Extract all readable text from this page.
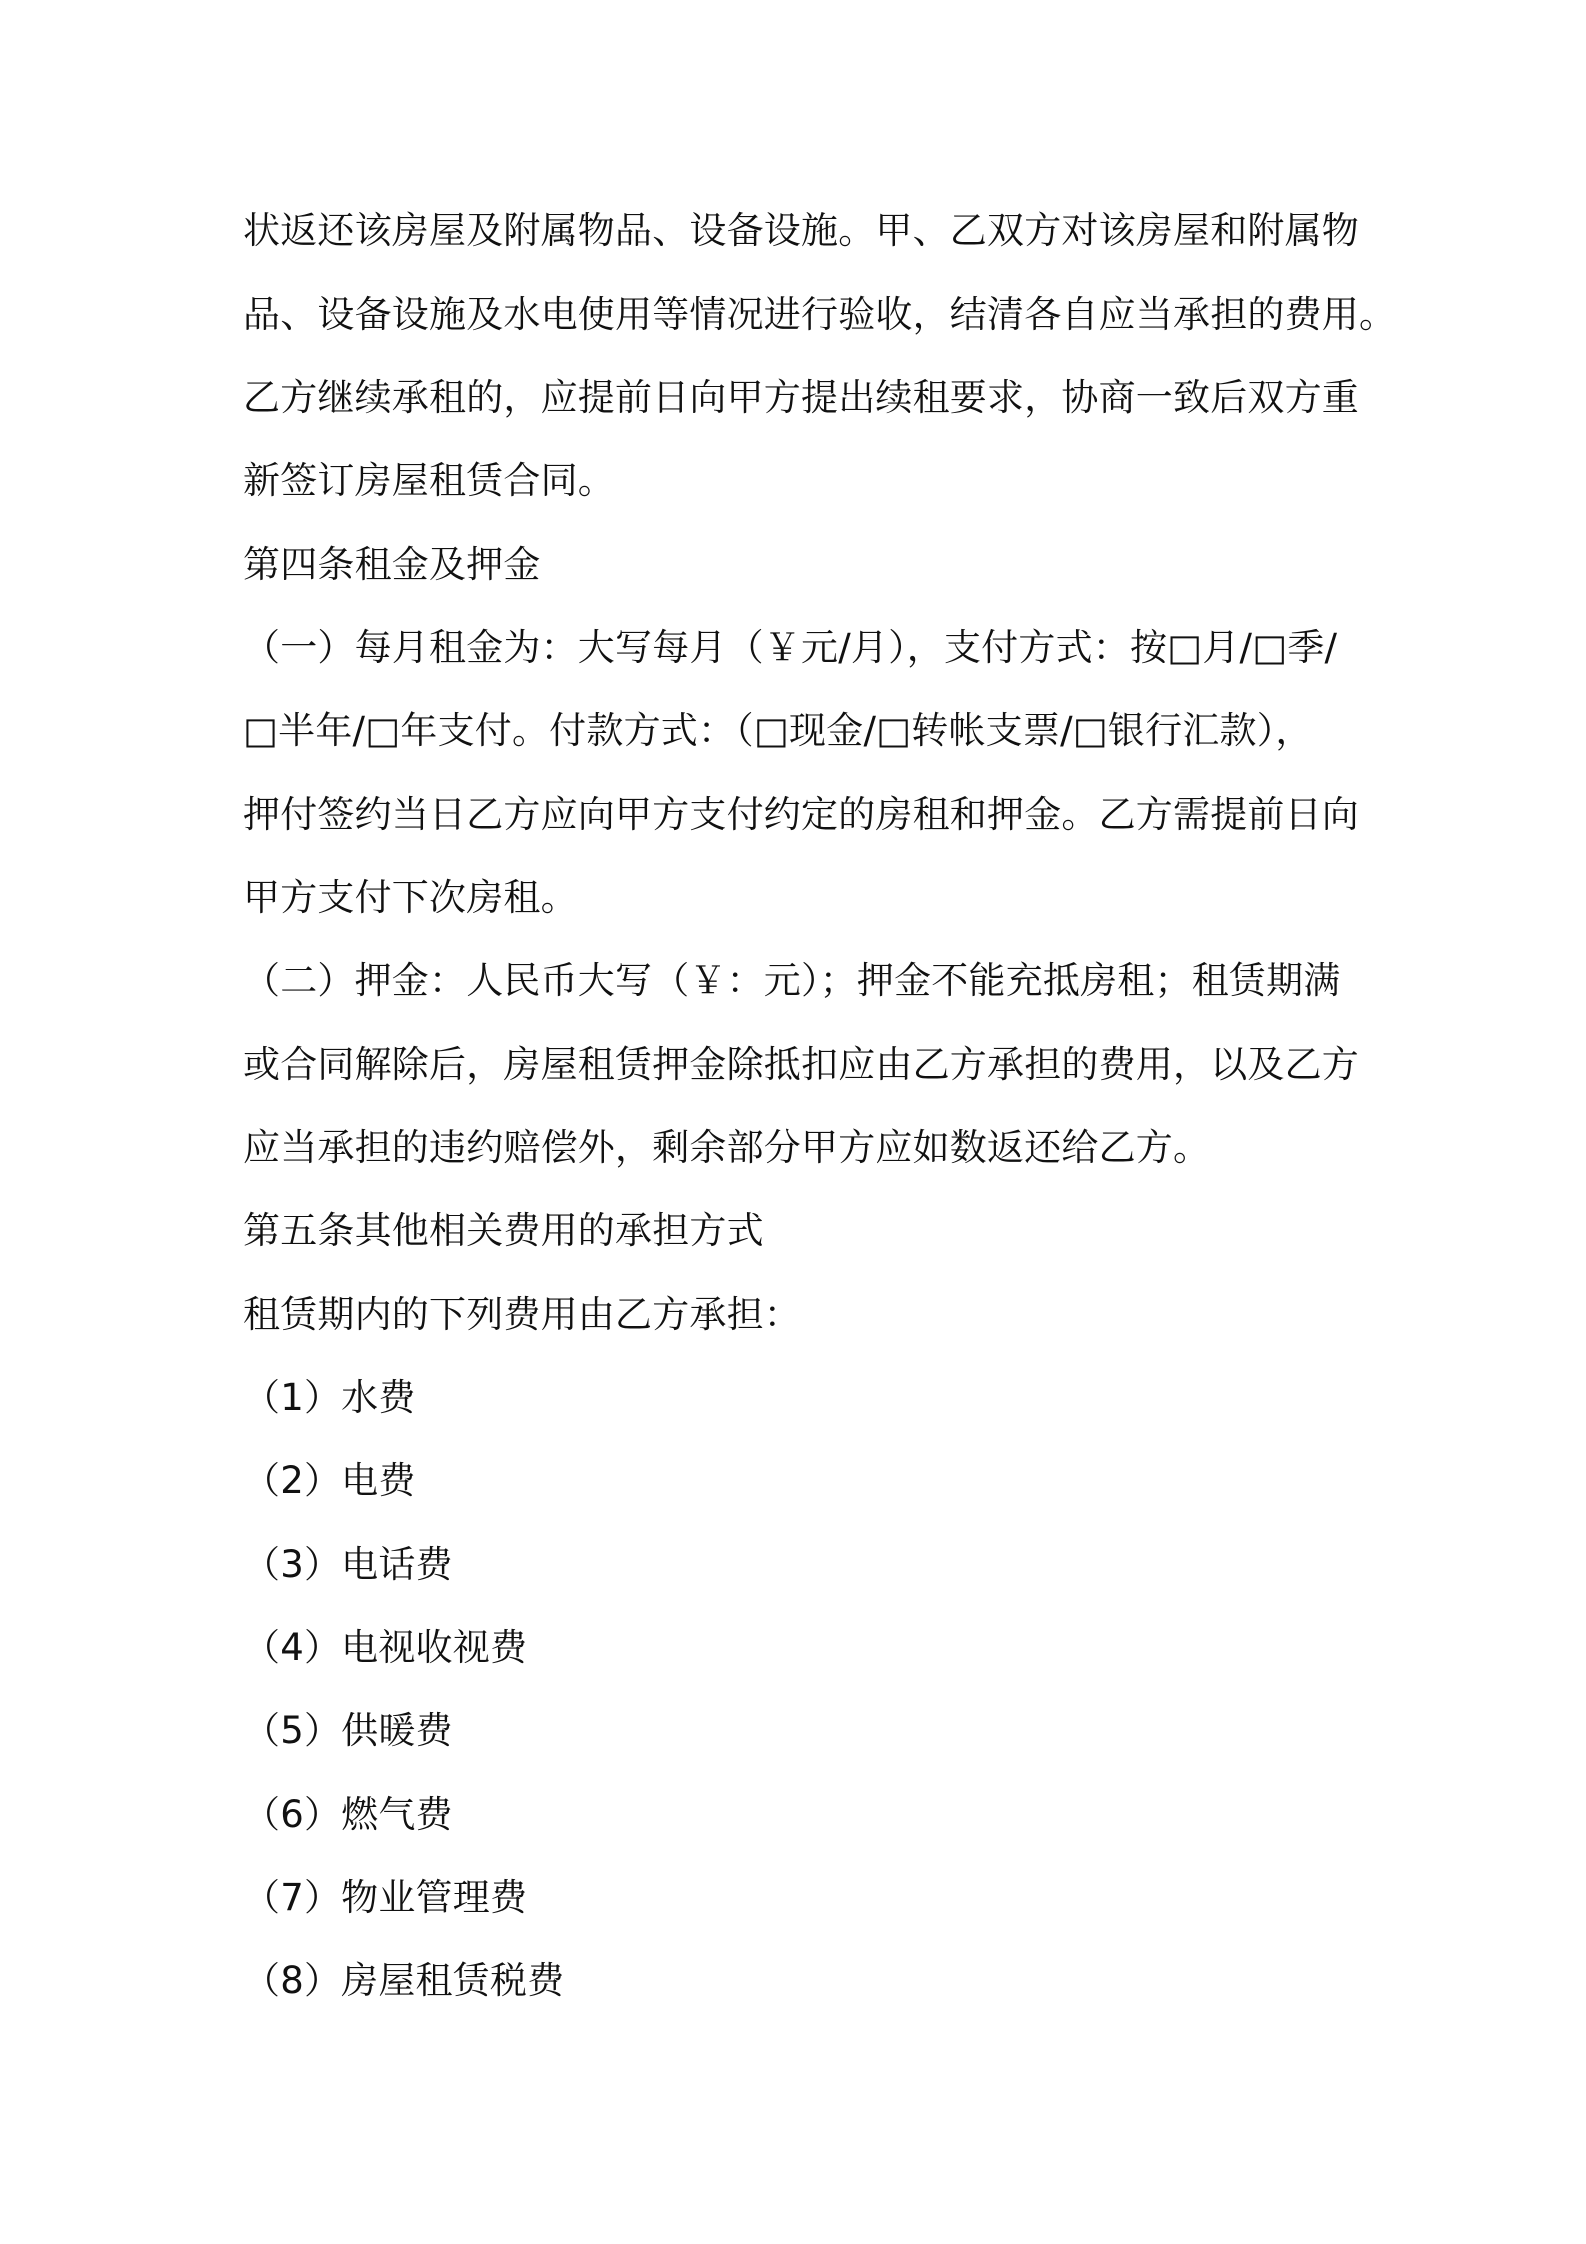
状返还该房屋及附属物品、设备设施。甲、乙双方对该房屋和附属物
品、设备设施及水电使用等情况进行验收，结清各自应当承担的费用。
乙方继续承租的，应提前日向甲方提出续租要求，协商一致后双方重
新签订房屋租赁合同。
第四条租金及押金
（一）每月租金为：大写每月（￥元/月），支付方式：按□月/□季/
□半年/□年支付。付款方式：（□现金/□转帐支票/□银行汇款），
押付签约当日乙方应向甲方支付约定的房租和押金。乙方需提前日向
甲方支付下次房租。
（二）押金：人民币大写（￥：元）；押金不能充抵房租；租赁期满
或合同解除后，房屋租赁押金除抵扣应由乙方承担的费用，以及乙方
应当承担的违约赔偿外，剩余部分甲方应如数返还给乙方。
第五条其他相关费用的承担方式
租赁期内的下列费用由乙方承担：
（1）水费
（2）电费
（3）电话费
（4）电视收视费
（5）供暖费
（6）燃气费
（7）物业管理费
（8）房屋租赁税费
